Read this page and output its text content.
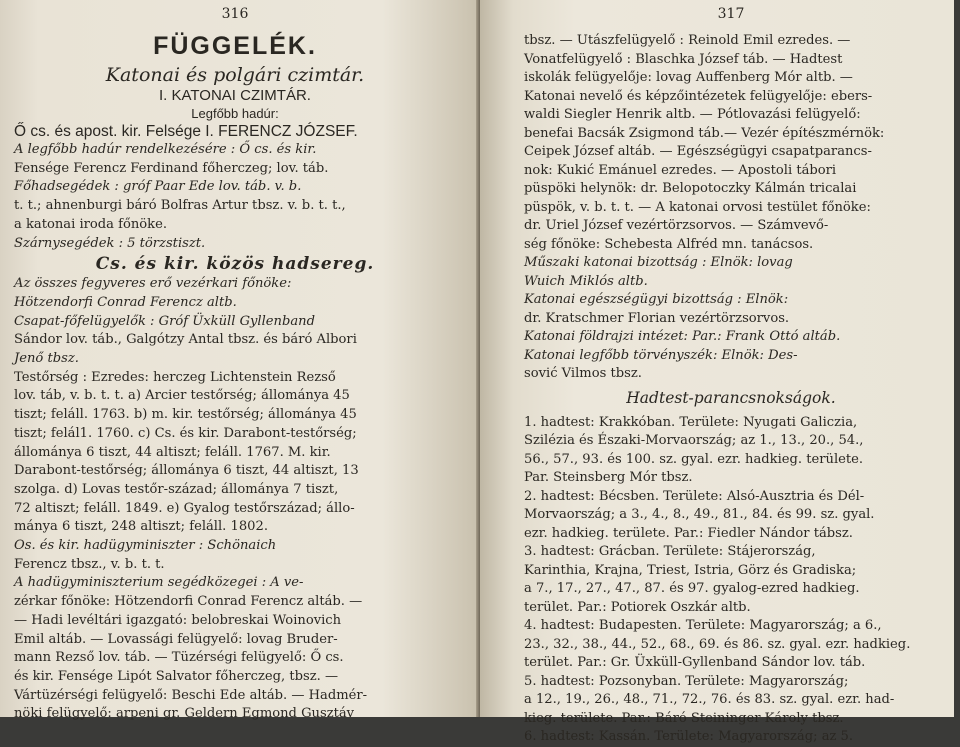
316

FÜGGELÉK.

Katonai és polgári czimtár.

I. KATONAI CZIMTÁR.

Legfőbb hadúr:

Ő cs. és apost. kir. Felsége I. FERENCZ JÓZSEF.

A legfőbb hadúr rendelkezésére : Ő cs. és kir.

Fensége Ferencz Ferdinand főherczeg; lov. táb.

Főhadsegédek : gróf Paar Ede lov. táb. v. b.

t. t.; ahnenburgi báró Bolfras Artur tbsz. v. b. t. t.,

a katonai iroda főnöke.

Szárnysegédek : 5 törzstiszt.

Cs. és kir. közös hadsereg.

Az összes fegyveres erő vezérkari főnöke:

Hötzendorfi Conrad Ferencz altb.

Csapat-főfelügyelők : Gróf Üxküll Gyllenband

Sándor lov. táb., Galgótzy Antal tbsz. és báró Albori

Jenő tbsz.

Testőrség : Ezredes: herczeg Lichtenstein Rezső

lov. táb, v. b. t. t. a) Arcier testőrség; állománya 45

tiszt; feláll. 1763. b) m. kir. testőrség; állománya 45

tiszt; felál1. 1760. c) Cs. és kir. Darabont-testőrség;

állománya 6 tiszt, 44 altiszt; feláll. 1767. M. kir.

Darabont-testőrség; állománya 6 tiszt, 44 altiszt, 13

szolga. d) Lovas testőr-század; állománya 7 tiszt,

72 altiszt; feláll. 1849. e) Gyalog testőrszázad; állo-

mánya 6 tiszt, 248 altiszt; feláll. 1802.

Os. és kir. hadügyminiszter : Schönaich

Ferencz tbsz., v. b. t. t.

A hadügyminiszterium segédközegei : A ve-

zérkar főnöke: Hötzendorfi Conrad Ferencz altáb. —

— Hadi levéltári igazgató: belobreskai Woinovich

Emil altáb. — Lovassági felügyelő: lovag Bruder-

mann Rezső lov. táb. — Tüzérségi felügyelő: Ő cs.

és kir. Fensége Lipót Salvator főherczeg, tbsz. —

Vártüzérségi felügyelő: Beschi Ede altáb. — Hadmér-

nöki felügyelő: arpeni gr. Geldern Egmond Gusztáv

317

tbsz. — Utászfelügyelő : Reinold Emil ezredes. —

Vonatfelügyelő : Blaschka József táb. — Hadtest

iskolák felügyelője: lovag Auffenberg Mór altb. —

Katonai nevelő és képzőintézetek felügyelője: ebers-

waldi Siegler Henrik altb. — Pótlovazási felügyelő:

benefai Bacsák Zsigmond táb.— Vezér építészmérnök:

Ceipek József altáb. — Egészségügyi csapatparancs-

nok: Kukić Emánuel ezredes. — Apostoli tábori

püspöki helynök: dr. Belopotoczky Kálmán tricalai

püspök, v. b. t. t. — A katonai orvosi testület főnöke:

dr. Uriel József vezértörzsorvos. — Számvevő-

ség főnöke: Schebesta Alfréd mn. tanácsos.

Műszaki katonai bizottság : Elnök: lovag

Wuich Miklós altb.

Katonai egészségügyi bizottság : Elnök:

dr. Kratschmer Florian vezértörzsorvos.

Katonai földrajzi intézet: Par.: Frank Ottó altáb.

Katonai legfőbb törvényszék: Elnök: Des-

sović Vilmos tbsz.

Hadtest-parancsnokságok.

1. hadtest: Krakkóban. Területe: Nyugati Galiczia,

Szilézia és Északi-Morvaország; az 1., 13., 20., 54.,

56., 57., 93. és 100. sz. gyal. ezr. hadkieg. területe.

Par. Steinsberg Mór tbsz.

2. hadtest: Bécsben. Területe: Alsó-Ausztria és Dél-

Morvaország; a 3., 4., 8., 49., 81., 84. és 99. sz. gyal.

ezr. hadkieg. területe. Par.: Fiedler Nándor tábsz.

3. hadtest: Grácban. Területe: Stájerország,

Karinthia, Krajna, Triest, Istria, Görz és Gradiska;

a 7., 17., 27., 47., 87. és 97. gyalog-ezred hadkieg.

terület. Par.: Potiorek Oszkár altb.

4. hadtest: Budapesten. Területe: Magyarország; a 6.,

23., 32., 38., 44., 52., 68., 69. és 86. sz. gyal. ezr. hadkieg.

terület. Par.: Gr. Üxküll-Gyllenband Sándor lov. táb.

5. hadtest: Pozsonyban. Területe: Magyarország;

a 12., 19., 26., 48., 71., 72., 76. és 83. sz. gyal. ezr. had-

kieg. területe. Par.: Báró Steininger Károly tbsz.

6. hadtest: Kassán. Területe: Magyarország; az 5.
